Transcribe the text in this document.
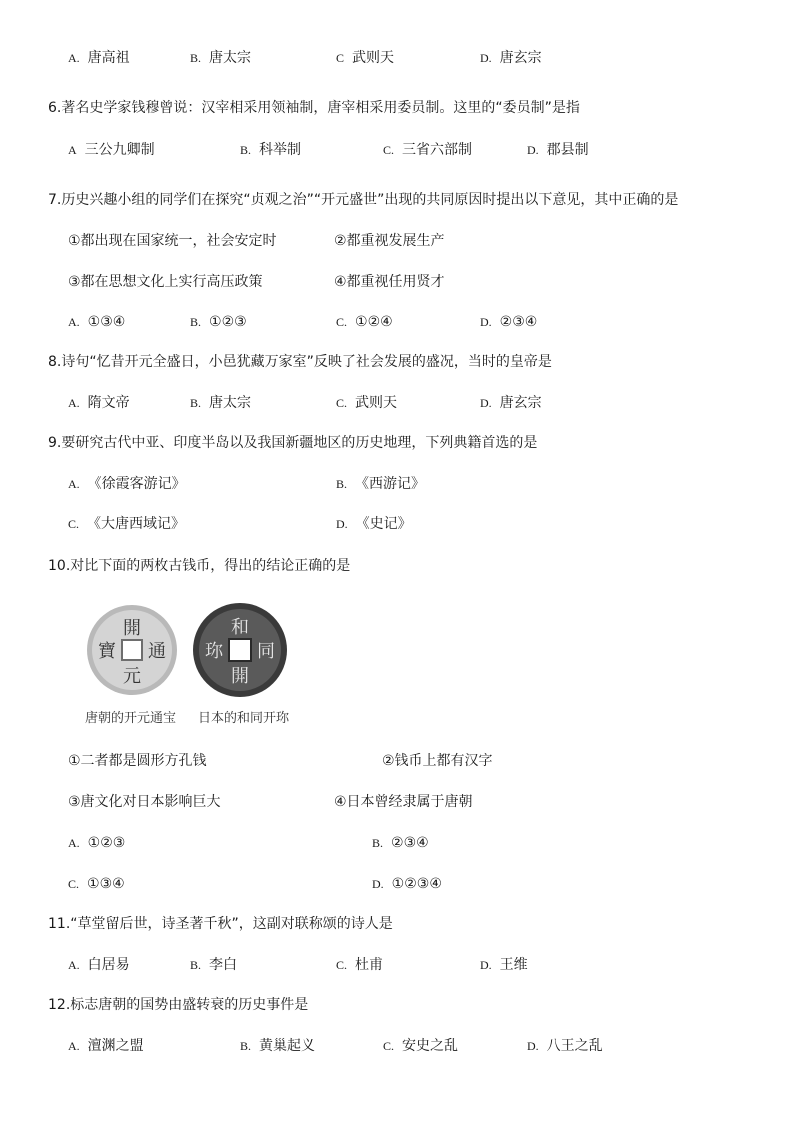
A. 唐高祖	B. 唐太宗	C 武则天	D. 唐玄宗
6.著名史学家钱穆曾说：汉宰相采用领袖制，唐宰相采用委员制。这里的“委员制”是指
A 三公九卿制	B. 科举制	C. 三省六部制	D. 郡县制
7.历史兴趣小组的同学们在探究“贞观之治”“开元盛世”出现的共同原因时提出以下意见，其中正确的是
①都出现在国家统一，社会安定时	②都重视发展生产
③都在思想文化上实行高压政策	④都重视任用贤才
A. ①③④	B. ①②③	C. ①②④	D. ②③④
8.诗句“忆昔开元全盛日，小邑犹藏万家室”反映了社会发展的盛况，当时的皇帝是
A. 隋文帝	B. 唐太宗	C. 武则天	D. 唐玄宗
9.要研究古代中亚、印度半岛以及我国新疆地区的历史地理，下列典籍首选的是
A. 《徐霞客游记》	B. 《西游记》
C. 《大唐西域记》	D. 《史记》
10.对比下面的两枚古钱币，得出的结论正确的是
開
通
元
寶
和
同
開
珎
唐朝的开元通宝 日本的和同开珎
①二者都是圆形方孔钱	②钱币上都有汉字
③唐文化对日本影响巨大	④日本曾经隶属于唐朝
A. ①②③	B. ②③④
C. ①③④	D. ①②③④
11.“草堂留后世，诗圣著千秋”，这副对联称颂的诗人是
A. 白居易	B. 李白	C. 杜甫	D. 王维
12.标志唐朝的国势由盛转衰的历史事件是
A. 澶渊之盟	B. 黄巢起义	C. 安史之乱	D. 八王之乱
